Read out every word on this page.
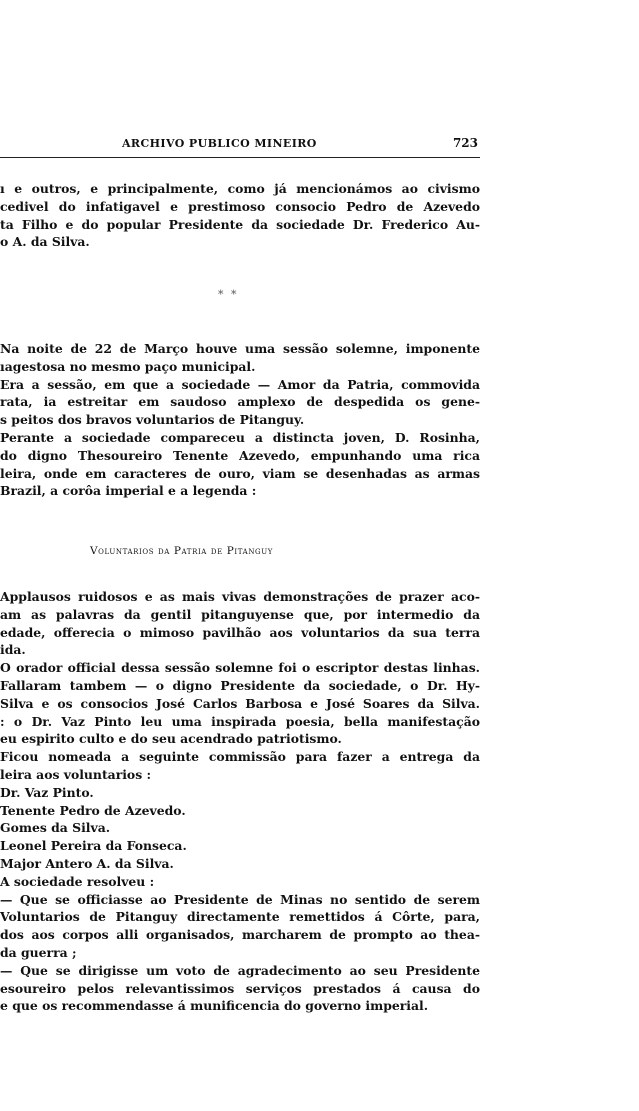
ARCHIVO PUBLICO MINEIRO	723
ı e outros, e principalmente, como já mencionámos ao civismo
cedivel do infatigavel e prestimoso consocio Pedro de Azevedo
ta Filho e do popular Presidente da sociedade Dr. Frederico Au-
o A. da Silva.
* *
Na noite de 22 de Março houve uma sessão solemne, imponente
ıagestosa no mesmo paço municipal.
Era a sessão, em que a sociedade — Amor da Patria, commovida
rata, ia estreitar em saudoso amplexo de despedida os gene-
s peitos dos bravos voluntarios de Pitanguy.
Perante a sociedade compareceu a distincta joven, D. Rosinha,
do digno Thesoureiro Tenente Azevedo, empunhando uma rica
leira, onde em caracteres de ouro, viam se desenhadas as armas
Brazil, a corôa imperial e a legenda :
Voluntarios da Patria de Pitanguy
Applausos ruidosos e as mais vivas demonstrações de prazer aco-
am as palavras da gentil pitanguyense que, por intermedio da
edade, offerecia o mimoso pavilhão aos voluntarios da sua terra
ida.
O orador official dessa sessão solemne foi o escriptor destas linhas.
Fallaram tambem — o digno Presidente da sociedade, o Dr. Hy-
Silva e os consocios José Carlos Barbosa e José Soares da Silva.
: o Dr. Vaz Pinto leu uma inspirada poesia, bella manifestação
eu espirito culto e do seu acendrado patriotismo.
Ficou nomeada a seguinte commissão para fazer a entrega da
leira aos voluntarios :
Dr. Vaz Pinto.
Tenente Pedro de Azevedo.
Gomes da Silva.
Leonel Pereira da Fonseca.
Major Antero A. da Silva.
A sociedade resolveu :
— Que se officiasse ao Presidente de Minas no sentido de serem
Voluntarios de Pitanguy directamente remettidos á Côrte, para,
dos aos corpos alli organisados, marcharem de prompto ao thea-
da guerra ;
— Que se dirigisse um voto de agradecimento ao seu Presidente
esoureiro pelos relevantissimos serviços prestados á causa do
e que os recommendasse á munificencia do governo imperial.
